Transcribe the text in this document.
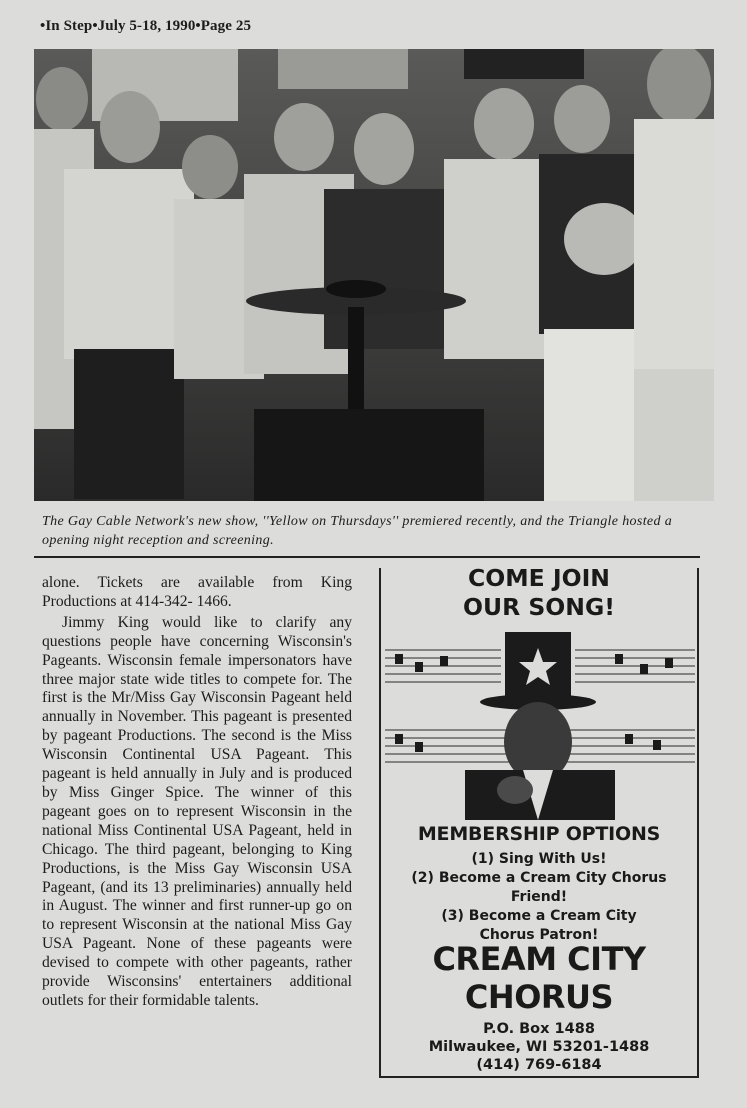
•In Step•July 5-18, 1990•Page 25
The Gay Cable Network's new show, ''Yellow on Thursdays'' premiered recently, and the Triangle hosted a opening night reception and screening.

alone. Tickets are available from King Productions at 414-342- 1466.

Jimmy King would like to clarify any questions people have concerning Wisconsin's Pageants. Wisconsin female impersonators have three major state wide titles to compete for. The first is the Mr/Miss Gay Wisconsin Pageant held annually in November. This pageant is presented by pageant Productions. The second is the Miss Wisconsin Continental USA Pageant. This pageant is held annually in July and is produced by Miss Ginger Spice. The winner of this pageant goes on to represent Wisconsin in the national Miss Continental USA Pageant, held in Chicago. The third pageant, belonging to King Productions, is the Miss Gay Wisconsin USA Pageant, (and its 13 preliminaries) annually held in August. The winner and first runner-up go on to represent Wisconsin at the national Miss Gay USA Pageant. None of these pageants were devised to compete with other pageants, rather provide Wisconsins' entertainers additional outlets for their formidable talents.

COME JOIN
OUR SONG!
MEMBERSHIP OPTIONS
(1) Sing With Us!
(2) Become a Cream City Chorus Friend!
(3) Become a Cream City Chorus Patron!
CREAM CITY
CHORUS
P.O. Box 1488
Milwaukee, WI 53201-1488
(414) 769-6184
